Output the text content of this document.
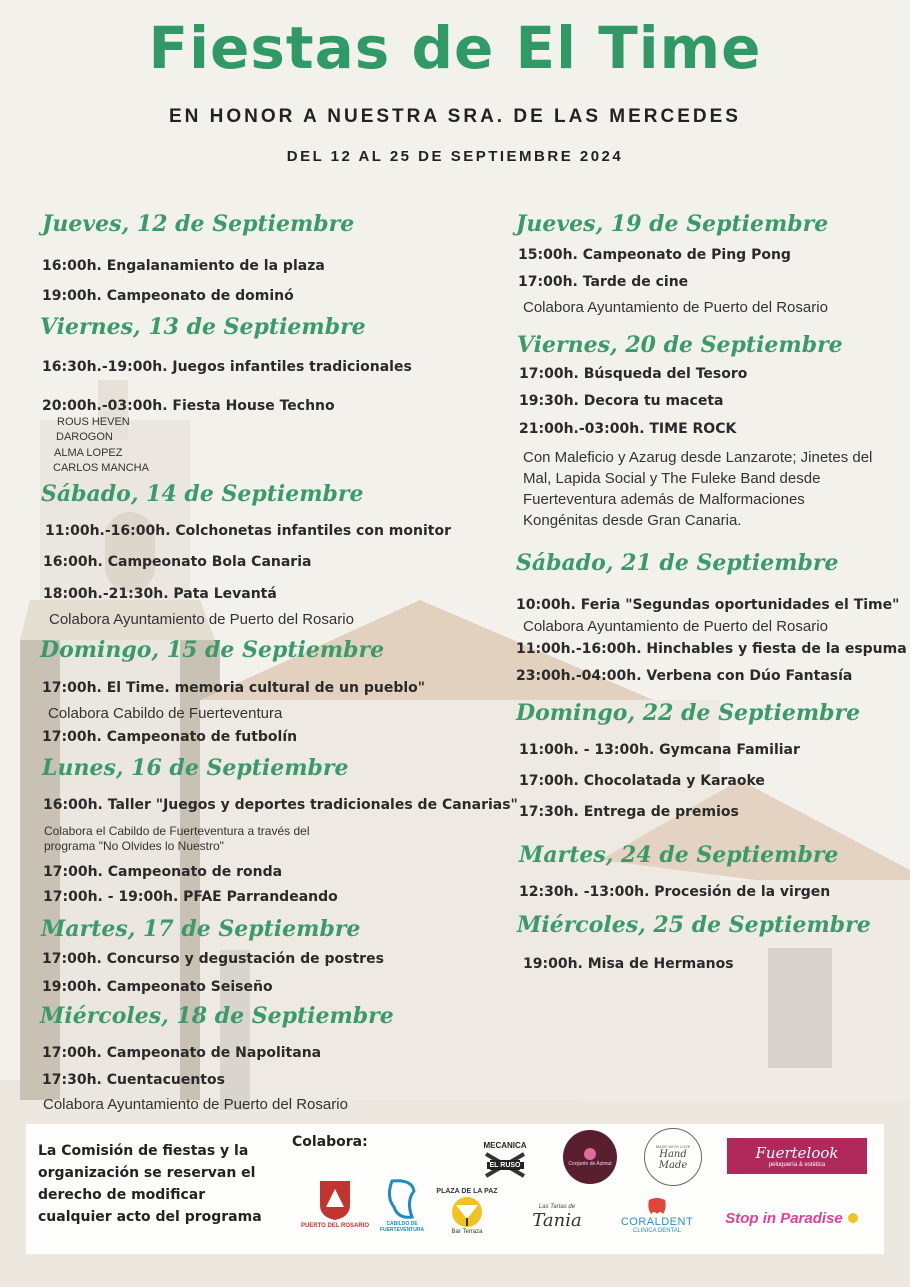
Fiestas de El Time
EN HONOR A NUESTRA SRA. DE LAS MERCEDES
DEL 12 AL 25 DE SEPTIEMBRE 2024
Jueves, 12 de Septiembre
16:00h. Engalanamiento de la plaza
19:00h. Campeonato de dominó
Viernes, 13 de Septiembre
16:30h.-19:00h. Juegos infantiles tradicionales
20:00h.-03:00h. Fiesta House Techno
ROUS HEVEN
DAROGON
ALMA LOPEZ
CARLOS MANCHA
Sábado, 14 de Septiembre
11:00h.-16:00h. Colchonetas infantiles con monitor
16:00h. Campeonato Bola Canaria
18:00h.-21:30h. Pata Levantá
Colabora Ayuntamiento de Puerto del Rosario
Domingo, 15 de Septiembre
17:00h. El Time. memoria cultural de un pueblo"
Colabora Cabildo de Fuerteventura
17:00h. Campeonato de futbolín
Lunes, 16 de Septiembre
16:00h. Taller "Juegos y deportes tradicionales de Canarias"
Colabora el Cabildo de Fuerteventura a través del
programa "No Olvides lo Nuestro"
17:00h. Campeonato de ronda
17:00h. - 19:00h. PFAE Parrandeando
Martes, 17 de Septiembre
17:00h. Concurso y degustación de postres
19:00h. Campeonato Seiseño
Miércoles, 18 de Septiembre
17:00h. Campeonato de Napolitana
17:30h. Cuentacuentos
Colabora Ayuntamiento de Puerto del Rosario
Jueves, 19 de Septiembre
15:00h. Campeonato de Ping Pong
17:00h. Tarde de cine
Colabora Ayuntamiento de Puerto del Rosario
Viernes, 20 de Septiembre
17:00h. Búsqueda del Tesoro
19:30h. Decora tu maceta
21:00h.-03:00h. TIME ROCK
Con Maleficio y Azarug desde Lanzarote; Jinetes del Mal, Lapida Social y The Fuleke Band desde Fuerteventura además de Malformaciones Kongénitas desde Gran Canaria.
Sábado, 21 de Septiembre
10:00h. Feria "Segundas oportunidades el Time"
Colabora Ayuntamiento de Puerto del Rosario
11:00h.-16:00h. Hinchables y fiesta de la espuma
23:00h.-04:00h. Verbena con Dúo Fantasía
Domingo, 22 de Septiembre
11:00h. - 13:00h. Gymcana Familiar
17:00h. Chocolatada y Karaoke
17:30h. Entrega de premios
Martes, 24 de Septiembre
12:30h. -13:00h. Procesión de la virgen
Miércoles, 25 de Septiembre
19:00h. Misa de Hermanos
La Comisión de fiestas y la organización se reservan el derecho de modificar cualquier acto del programa
Colabora:
PUERTO DEL ROSARIO	CABILDO DE FUERTEVENTURA
PLAZA DE LA PAZ
Bar Terraza
MECANICA
EL RUSO	Conjunto de Azimut
MADE WITH LOVE
Hand Made
Las Tartas de
Tania	CORALDENT
CLINICA DENTAL
Fuertelook
peluquería & estética
Stop in Paradise
